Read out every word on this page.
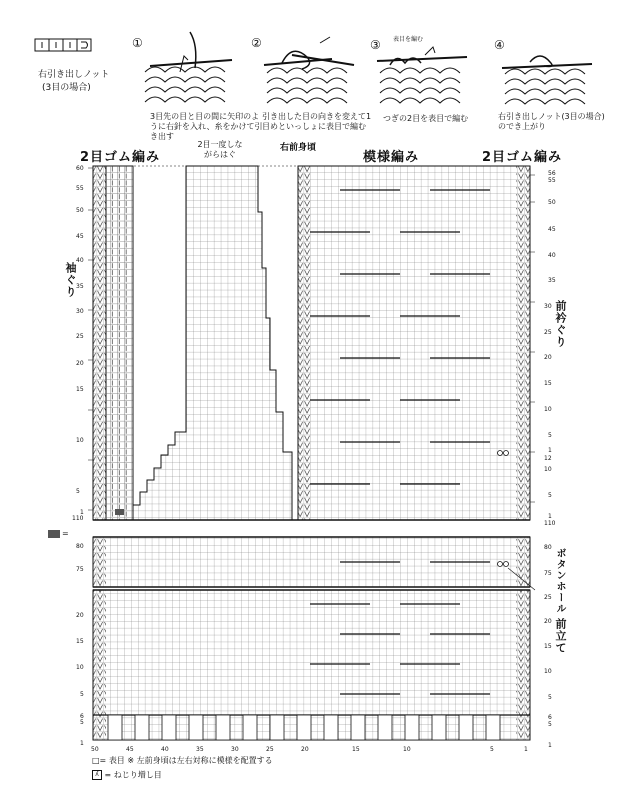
右引き出しノット
(3目の場合)
①	②	③	④
表目を編む
3目先の目と目の間に矢印のように右針を入れ、糸をかけて引き出す
引き出した目の向きを変えて1目めといっしょに表目で編む
つぎの2目を表目で編む	右引き出しノット(3目の場合)のでき上がり
2目ゴム編み
2目一度しながらはぐ
右前身頃
模様編み	2目ゴム編み
袖ぐり
前衿ぐり
ボタンホール
前立て
=
60
55
50
45
40
35
30
25
20
15
10
5
1
110
80
75
20
15
10
5
6
5
1
56
55
50
45
40
35
30
25
20
15
10
5
1
12
10
5
1
110
80
75
25
20
15
10
5
6
5
1
50	45	40	35	30	25	20	15	10	5	1
□= 表目 ※ 左前身頃は左右対称に模様を配置する
ʎ = ねじり増し目
